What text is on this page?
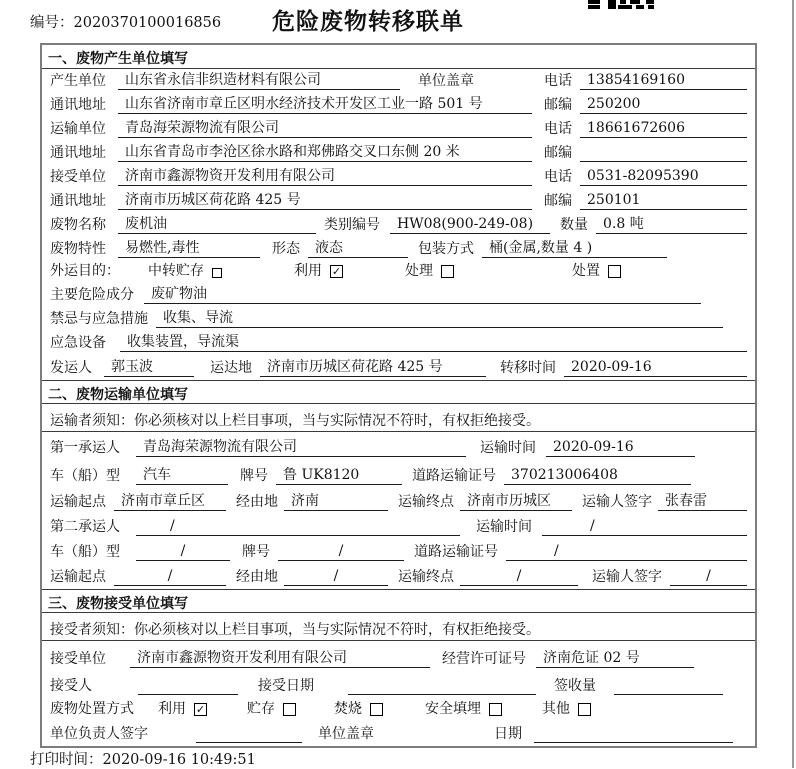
编号：2020370100016856	危险废物转移联单
一、废物产生单位填写
产生单位	山东省永信非织造材料有限公司	单位盖章	电话	13854169160
通讯地址	山东省济南市章丘区明水经济技术开发区工业一路 501 号	邮编	250200
运输单位	青岛海荣源物流有限公司	电话	18661672606
通讯地址	山东省青岛市李沧区徐水路和郑佛路交叉口东侧 20 米	邮编
接受单位	济南市鑫源物资开发利用有限公司	电话	0531-82095390
通讯地址	济南市历城区荷花路 425 号	邮编	250101
废物名称	废机油	类别编号	HW08(900-249-08)	数量	0.8 吨
废物特性	易燃性,毒性	形态	液态	包装方式	桶(金属,数量 4 )
外运目的：	中转贮存	利用 ✓	处理	处置
主要危险成分	废矿物油
禁忌与应急措施	收集、导流
应急设备	收集装置，导流渠
发运人	郭玉波	运达地	济南市历城区荷花路 425 号	转移时间	2020-09-16
二、废物运输单位填写
运输者须知：你必须核对以上栏目事项，当与实际情况不符时，有权拒绝接受。
第一承运人	青岛海荣源物流有限公司	运输时间	2020-09-16
车（船）型	汽车	牌号	鲁 UK8120	道路运输证号	370213006408
运输起点	济南市章丘区	经由地 济南	运输终点 济南市历城区	运输人签字 张春雷
第二承运人	/	运输时间	/
车（船）型	/	牌号	/	道路运输证号	/
运输起点	/	经由地	/	运输终点	/	运输人签字	/
三、废物接受单位填写
接受者须知：你必须核对以上栏目事项，当与实际情况不符时，有权拒绝接受。
接受单位	济南市鑫源物资开发利用有限公司	经营许可证号	济南危证 02 号
接受人	接受日期	签收量
废物处置方式 利用 ✓	贮存	焚烧	安全填埋	其他
单位负责人签字	单位盖章	日期
打印时间：2020-09-16 10:49:51
